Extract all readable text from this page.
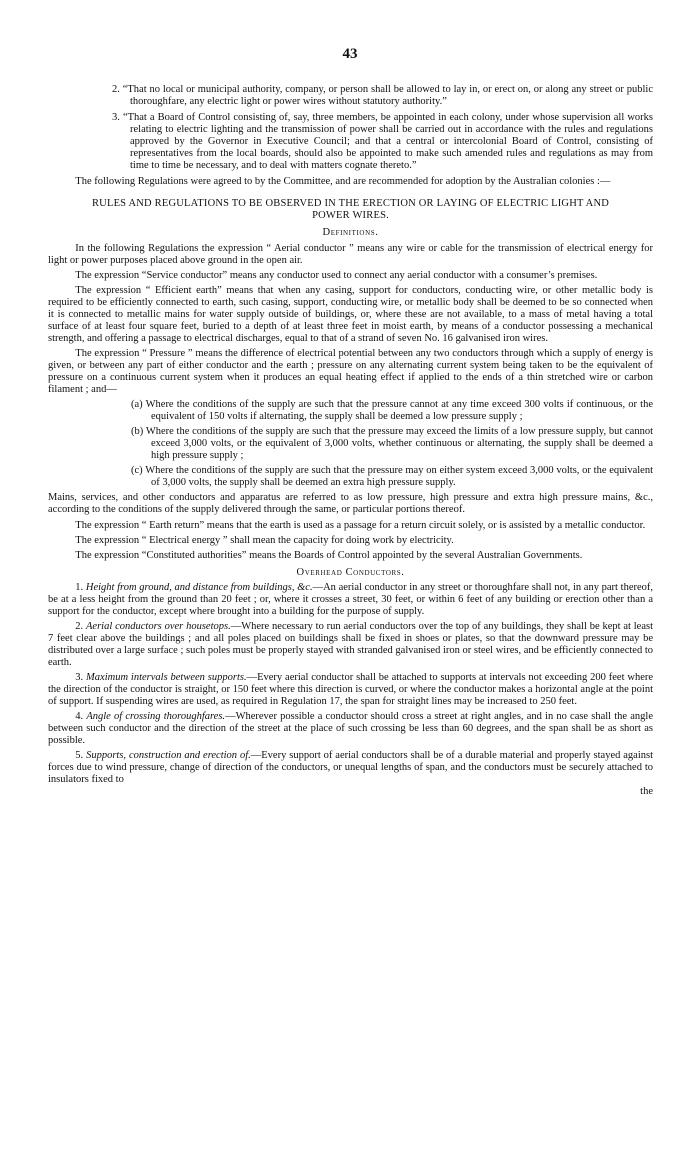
43

2. “That no local or municipal authority, company, or person shall be allowed to lay in, or erect on, or along any street or public thoroughfare, any electric light or power wires without statutory authority.”

3. “That a Board of Control consisting of, say, three members, be appointed in each colony, under whose supervision all works relating to electric lighting and the transmission of power shall be carried out in accordance with the rules and regulations approved by the Governor in Executive Council; and that a central or intercolonial Board of Control, consisting of representatives from the local boards, should also be appointed to make such amended rules and regulations as may from time to time be necessary, and to deal with matters cognate thereto.”

The following Regulations were agreed to by the Committee, and are recommended for adoption by the Australian colonies :—

RULES AND REGULATIONS TO BE OBSERVED IN THE ERECTION OR LAYING OF ELECTRIC LIGHT AND POWER WIRES.
Definitions.

In the following Regulations the expression “ Aerial conductor ” means any wire or cable for the transmission of electrical energy for light or power purposes placed above ground in the open air.

The expression “Service conductor” means any conductor used to connect any aerial conductor with a consumer’s premises.

The expression “ Efficient earth” means that when any casing, support for conductors, conducting wire, or other metallic body is required to be efficiently connected to earth, such casing, support, conducting wire, or metallic body shall be deemed to be so connected when it is connected to metallic mains for water supply outside of buildings, or, where these are not available, to a mass of metal having a total surface of at least four square feet, buried to a depth of at least three feet in moist earth, by means of a conductor possessing a mechanical strength, and offering a passage to electrical discharges, equal to that of a strand of seven No. 16 galvanised iron wires.

The expression “ Pressure ” means the difference of electrical potential between any two conductors through which a supply of energy is given, or between any part of either conductor and the earth ; pressure on any alternating current system being taken to be the equivalent of pressure on a continuous current system when it produces an equal heating effect if applied to the ends of a thin stretched wire or carbon filament ; and—

(a) Where the conditions of the supply are such that the pressure cannot at any time exceed 300 volts if continuous, or the equivalent of 150 volts if alternating, the supply shall be deemed a low pressure supply ;

(b) Where the conditions of the supply are such that the pressure may exceed the limits of a low pressure supply, but cannot exceed 3,000 volts, or the equivalent of 3,000 volts, whether continuous or alternating, the supply shall be deemed a high pressure supply ;

(c) Where the conditions of the supply are such that the pressure may on either system exceed 3,000 volts, or the equivalent of 3,000 volts, the supply shall be deemed an extra high pressure supply.

Mains, services, and other conductors and apparatus are referred to as low pressure, high pressure and extra high pressure mains, &c., according to the conditions of the supply delivered through the same, or particular portions thereof.

The expression “ Earth return” means that the earth is used as a passage for a return circuit solely, or is assisted by a metallic conductor.

The expression “ Electrical energy ” shall mean the capacity for doing work by electricity.

The expression “Constituted authorities” means the Boards of Control appointed by the several Australian Governments.

Overhead Conductors.

1. Height from ground, and distance from buildings, &c.—An aerial conductor in any street or thoroughfare shall not, in any part thereof, be at a less height from the ground than 20 feet ; or, where it crosses a street, 30 feet, or within 6 feet of any building or erection other than a support for the conductor, except where brought into a building for the purpose of supply.

2. Aerial conductors over housetops.—Where necessary to run aerial conductors over the top of any buildings, they shall be kept at least 7 feet clear above the buildings ; and all poles placed on buildings shall be fixed in shoes or plates, so that the downward pressure may be distributed over a large surface ; such poles must be properly stayed with stranded galvanised iron or steel wires, and be efficiently connected to earth.

3. Maximum intervals between supports.—Every aerial conductor shall be attached to supports at intervals not exceeding 200 feet where the direction of the conductor is straight, or 150 feet where this direction is curved, or where the conductor makes a horizontal angle at the point of support. If suspending wires are used, as required in Regulation 17, the span for straight lines may be increased to 250 feet.

4. Angle of crossing thoroughfares.—Wherever possible a conductor should cross a street at right angles, and in no case shall the angle between such conductor and the direction of the street at the place of such crossing be less than 60 degrees, and the span shall be as short as possible.

5. Supports, construction and erection of.—Every support of aerial conductors shall be of a durable material and properly stayed against forces due to wind pressure, change of direction of the conductors, or unequal lengths of span, and the conductors must be securely attached to insulators fixed to

the
